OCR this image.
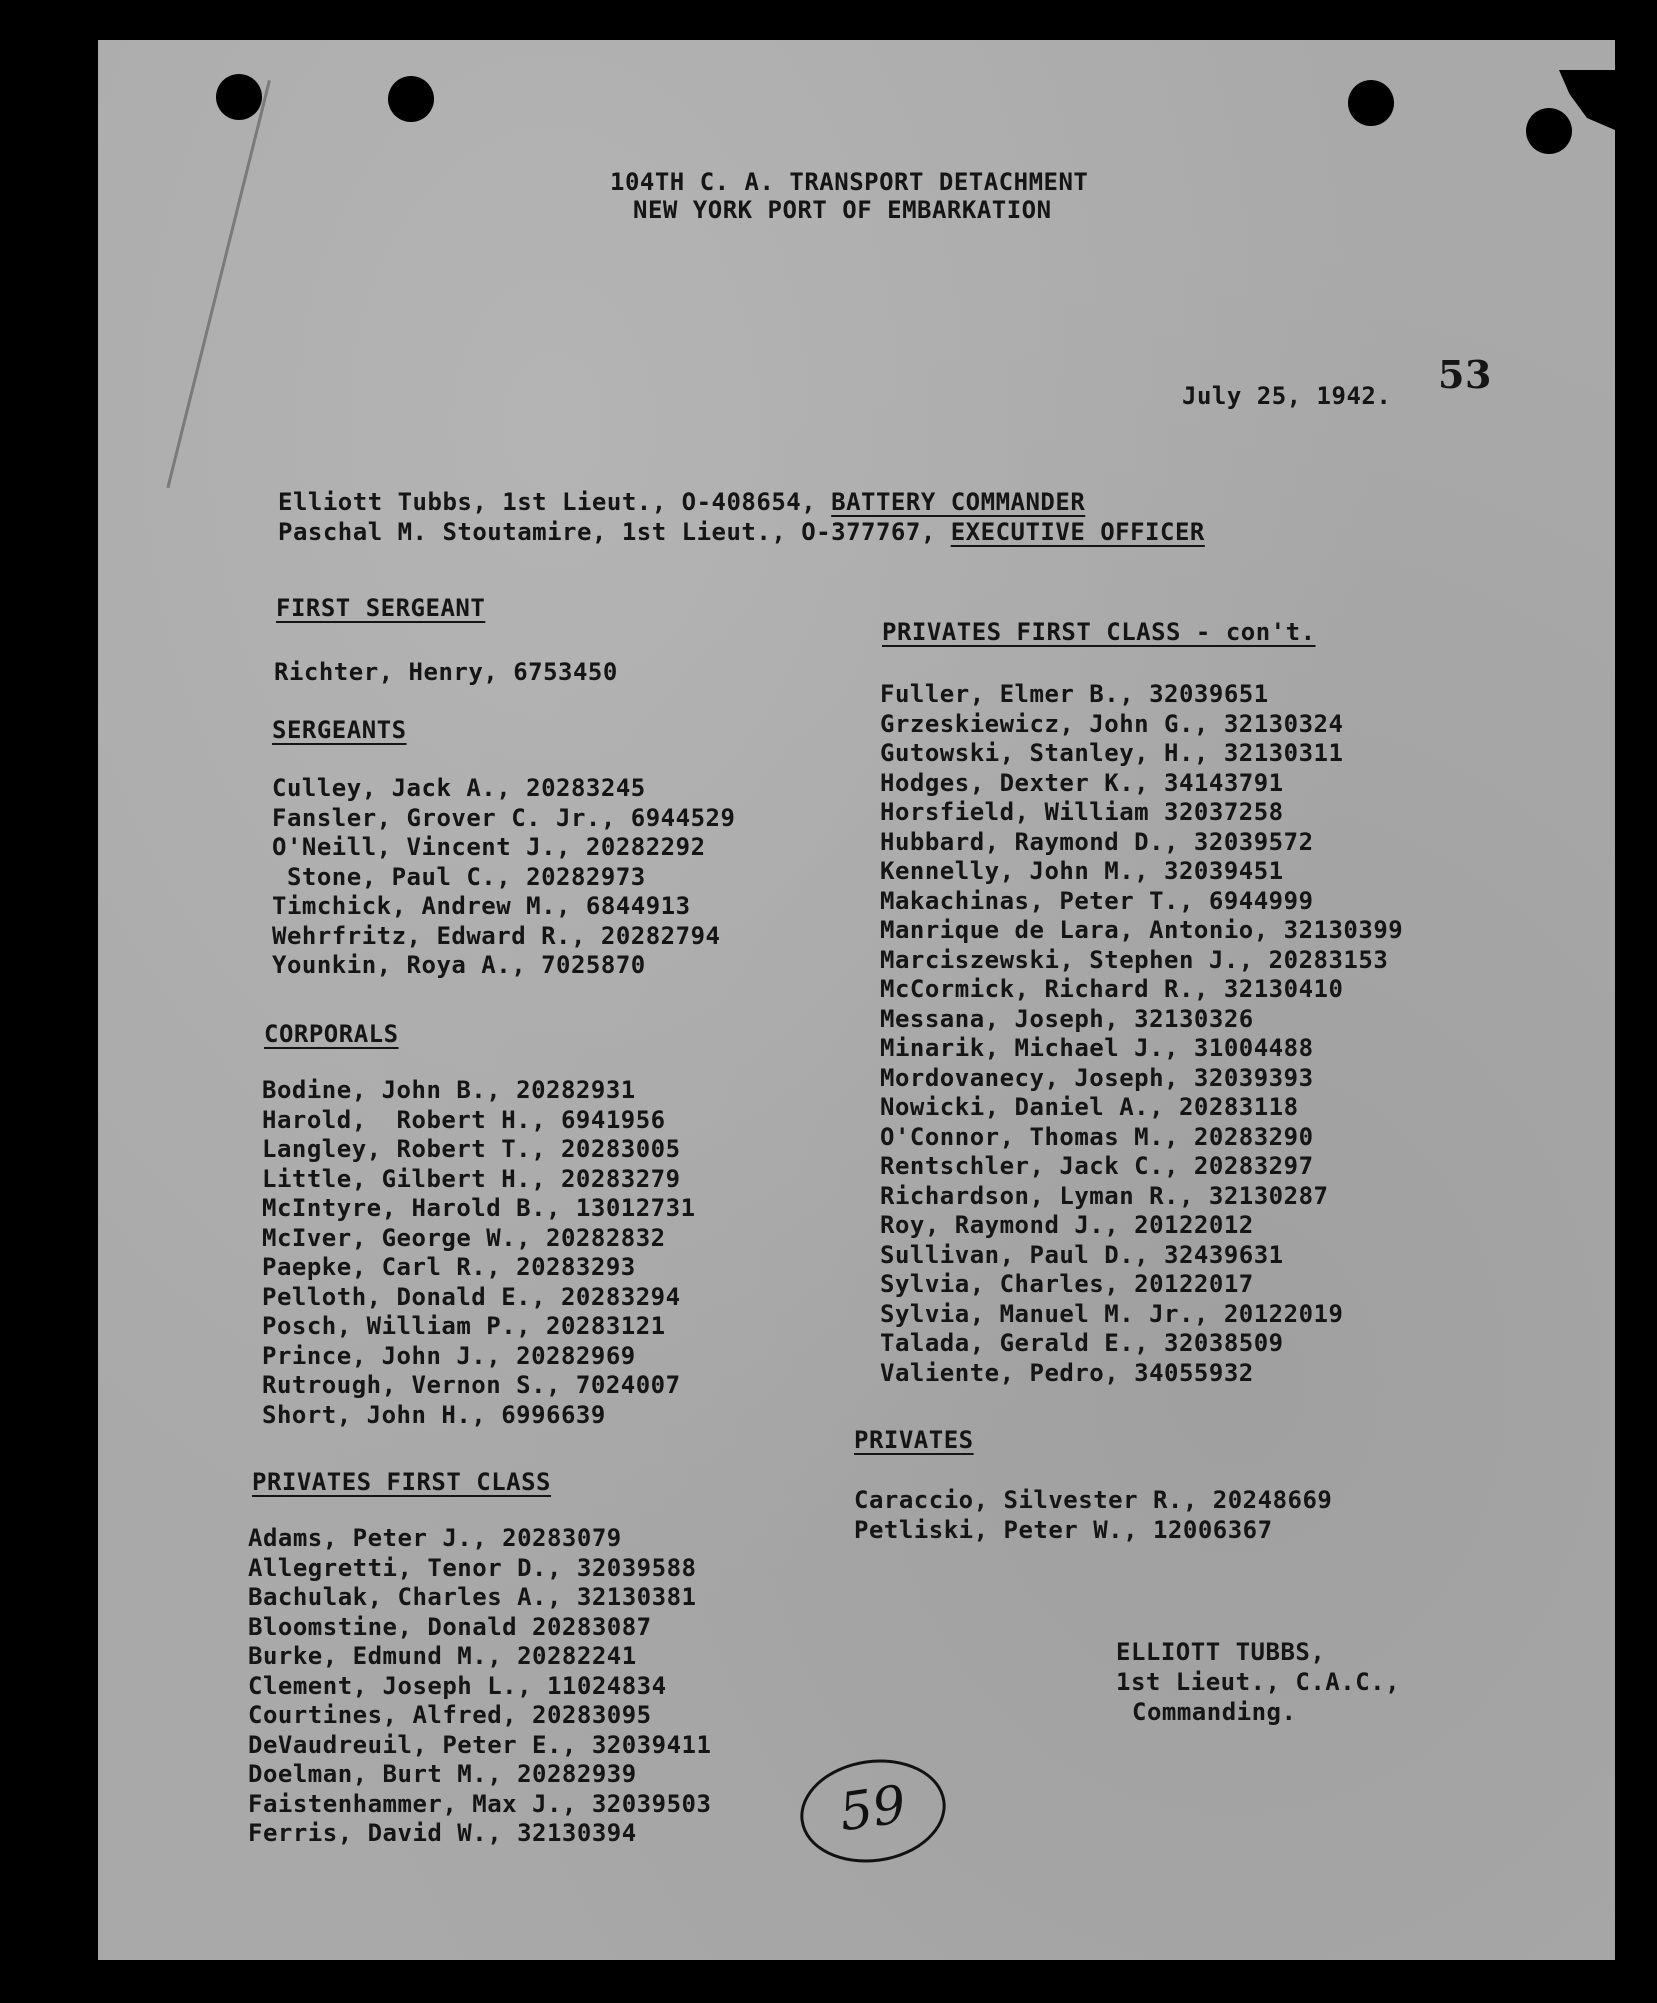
104TH C. A. TRANSPORT DETACHMENT
NEW YORK PORT OF EMBARKATION
53
July 25, 1942.
Elliott Tubbs, 1st Lieut., O-408654, BATTERY COMMANDER
Paschal M. Stoutamire, 1st Lieut., O-377767, EXECUTIVE OFFICER
FIRST SERGEANT
Richter, Henry, 6753450
SERGEANTS
Culley, Jack A., 20283245
Fansler, Grover C. Jr., 6944529
O'Neill, Vincent J., 20282292
Stone, Paul C., 20282973
Timchick, Andrew M., 6844913
Wehrfritz, Edward R., 20282794
Younkin, Roya A., 7025870
CORPORALS
Bodine, John B., 20282931
Harold,  Robert H., 6941956
Langley, Robert T., 20283005
Little, Gilbert H., 20283279
McIntyre, Harold B., 13012731
McIver, George W., 20282832
Paepke, Carl R., 20283293
Pelloth, Donald E., 20283294
Posch, William P., 20283121
Prince, John J., 20282969
Rutrough, Vernon S., 7024007
Short, John H., 6996639
PRIVATES FIRST CLASS
Adams, Peter J., 20283079
Allegretti, Tenor D., 32039588
Bachulak, Charles A., 32130381
Bloomstine, Donald 20283087
Burke, Edmund M., 20282241
Clement, Joseph L., 11024834
Courtines, Alfred, 20283095
DeVaudreuil, Peter E., 32039411
Doelman, Burt M., 20282939
Faistenhammer, Max J., 32039503
Ferris, David W., 32130394
PRIVATES FIRST CLASS - con't.
Fuller, Elmer B., 32039651
Grzeskiewicz, John G., 32130324
Gutowski, Stanley, H., 32130311
Hodges, Dexter K., 34143791
Horsfield, William 32037258
Hubbard, Raymond D., 32039572
Kennelly, John M., 32039451
Makachinas, Peter T., 6944999
Manrique de Lara, Antonio, 32130399
Marciszewski, Stephen J., 20283153
McCormick, Richard R., 32130410
Messana, Joseph, 32130326
Minarik, Michael J., 31004488
Mordovanecy, Joseph, 32039393
Nowicki, Daniel A., 20283118
O'Connor, Thomas M., 20283290
Rentschler, Jack C., 20283297
Richardson, Lyman R., 32130287
Roy, Raymond J., 20122012
Sullivan, Paul D., 32439631
Sylvia, Charles, 20122017
Sylvia, Manuel M. Jr., 20122019
Talada, Gerald E., 32038509
Valiente, Pedro, 34055932
PRIVATES
Caraccio, Silvester R., 20248669
Petliski, Peter W., 12006367
ELLIOTT TUBBS,
1st Lieut., C.A.C.,
Commanding.
59
